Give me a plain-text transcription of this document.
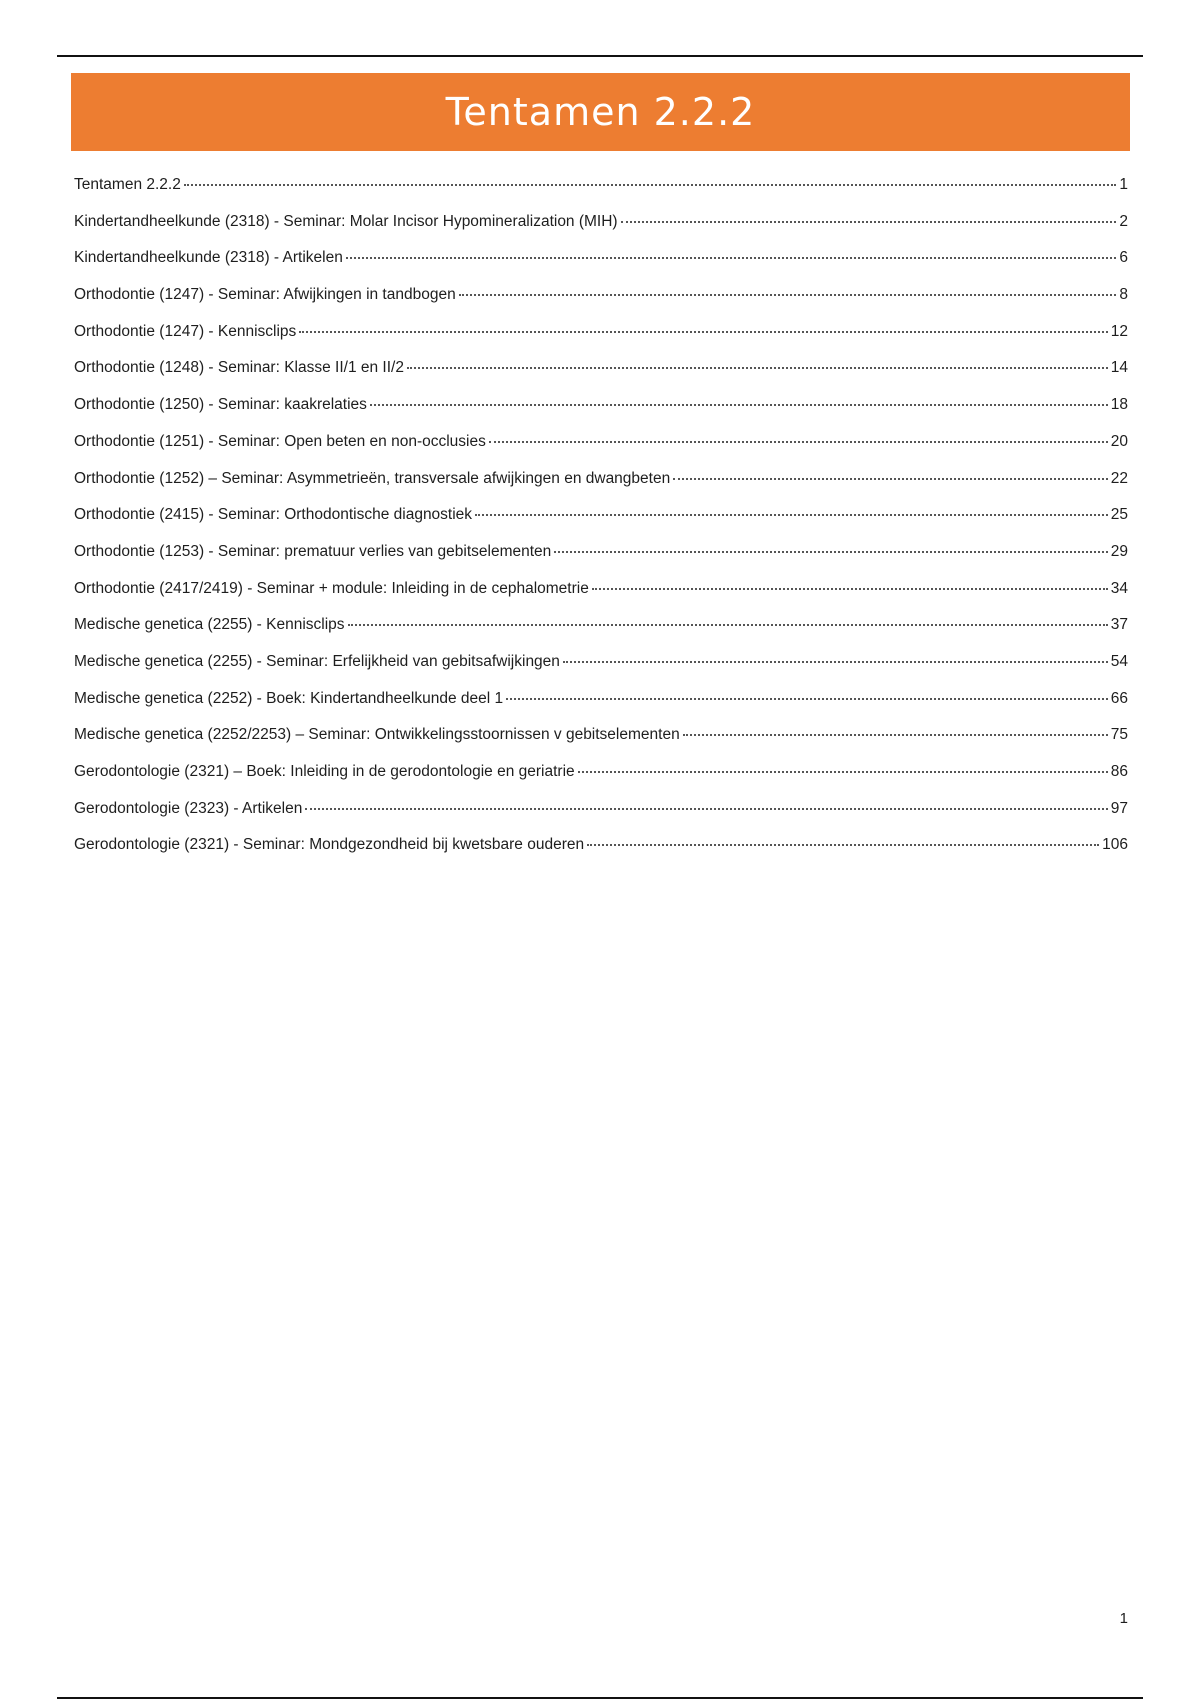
Tentamen 2.2.2
Tentamen 2.2.2	1
Kindertandheelkunde (2318) - Seminar: Molar Incisor Hypomineralization (MIH)	2
Kindertandheelkunde (2318) - Artikelen	6
Orthodontie (1247) - Seminar: Afwijkingen in tandbogen	8
Orthodontie (1247) - Kennisclips	12
Orthodontie (1248) - Seminar: Klasse II/1 en II/2	14
Orthodontie (1250) - Seminar: kaakrelaties	18
Orthodontie (1251) - Seminar: Open beten en non-occlusies	20
Orthodontie (1252) – Seminar: Asymmetrieën, transversale afwijkingen en dwangbeten	22
Orthodontie (2415) - Seminar: Orthodontische diagnostiek	25
Orthodontie (1253) - Seminar: prematuur verlies van gebitselementen	29
Orthodontie (2417/2419) - Seminar + module: Inleiding in de cephalometrie	34
Medische genetica (2255) - Kennisclips	37
Medische genetica (2255) - Seminar: Erfelijkheid van gebitsafwijkingen	54
Medische genetica (2252) - Boek: Kindertandheelkunde deel 1	66
Medische genetica (2252/2253) – Seminar: Ontwikkelingsstoornissen v gebitselementen	75
Gerodontologie (2321) – Boek: Inleiding in de gerodontologie en geriatrie	86
Gerodontologie (2323) - Artikelen	97
Gerodontologie (2321) - Seminar: Mondgezondheid bij kwetsbare ouderen	106
1
